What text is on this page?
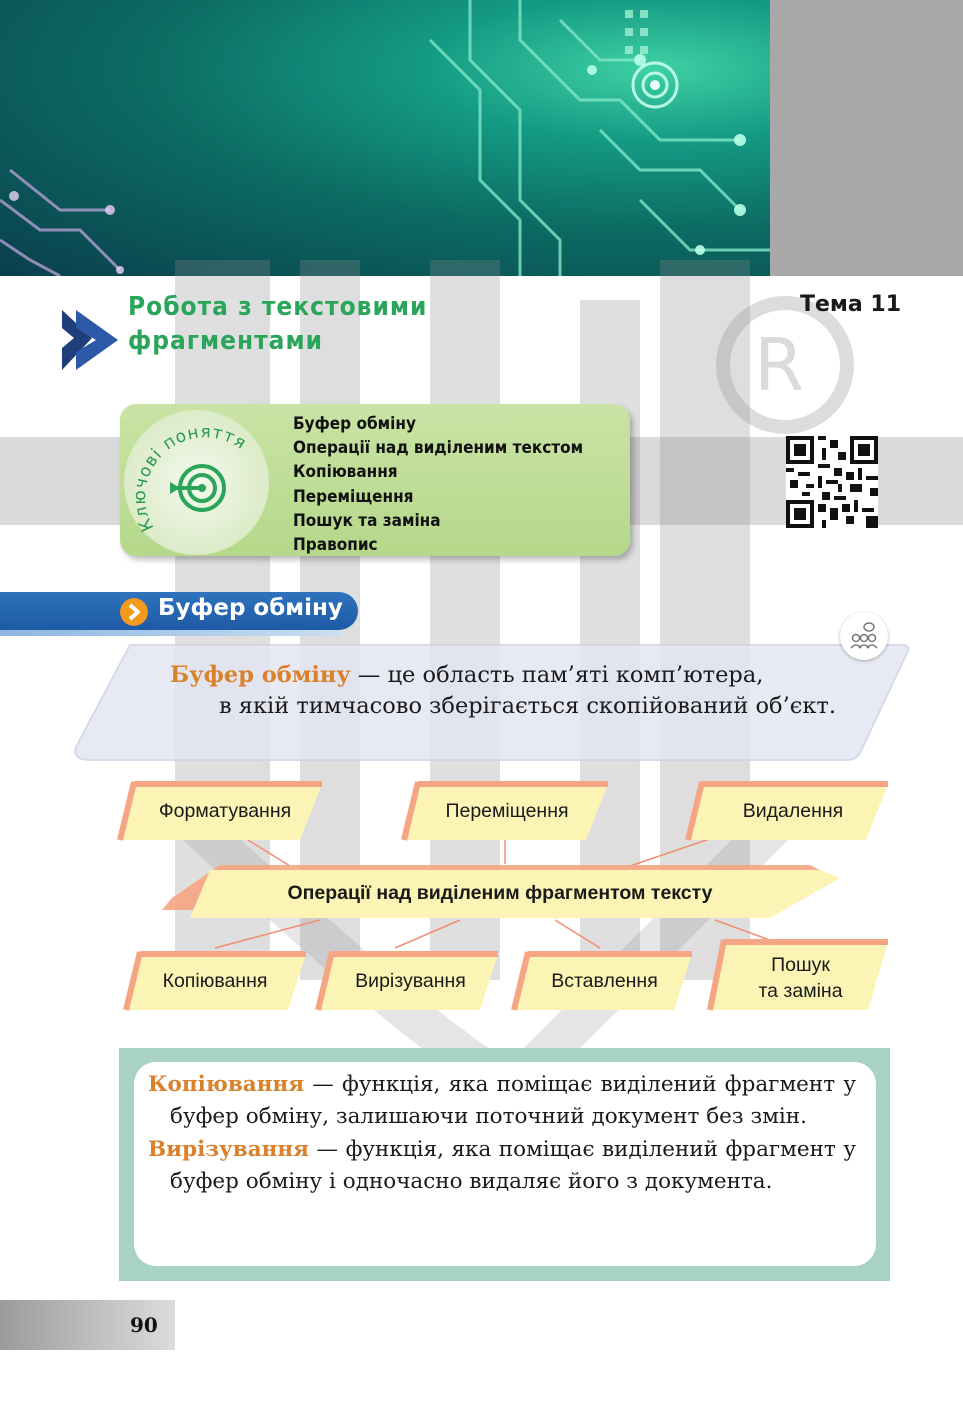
R
Робота з текстовими
фрагментами
Тема 11
Ключові поняття
Буфер обміну
Операції над виділеним текстом
Копіювання
Переміщення
Пошук та заміна
Правопис
Буфер обміну
Буфер обміну — це область пам’яті комп’ютера,
в якій тимчасово зберігається скопійований об’єкт.
Форматування	Переміщення	Видалення
Операції над виділеним фрагментом тексту
Копіювання	Вирізування	Вставлення
Пошук
та заміна

Копіювання — функція, яка поміщає виділений фрагмент у буфер обміну, залишаючи поточний документ без змін.

Вирізування — функція, яка поміщає виділений фрагмент у буфер обміну і одночасно видаляє його з документа.

90
